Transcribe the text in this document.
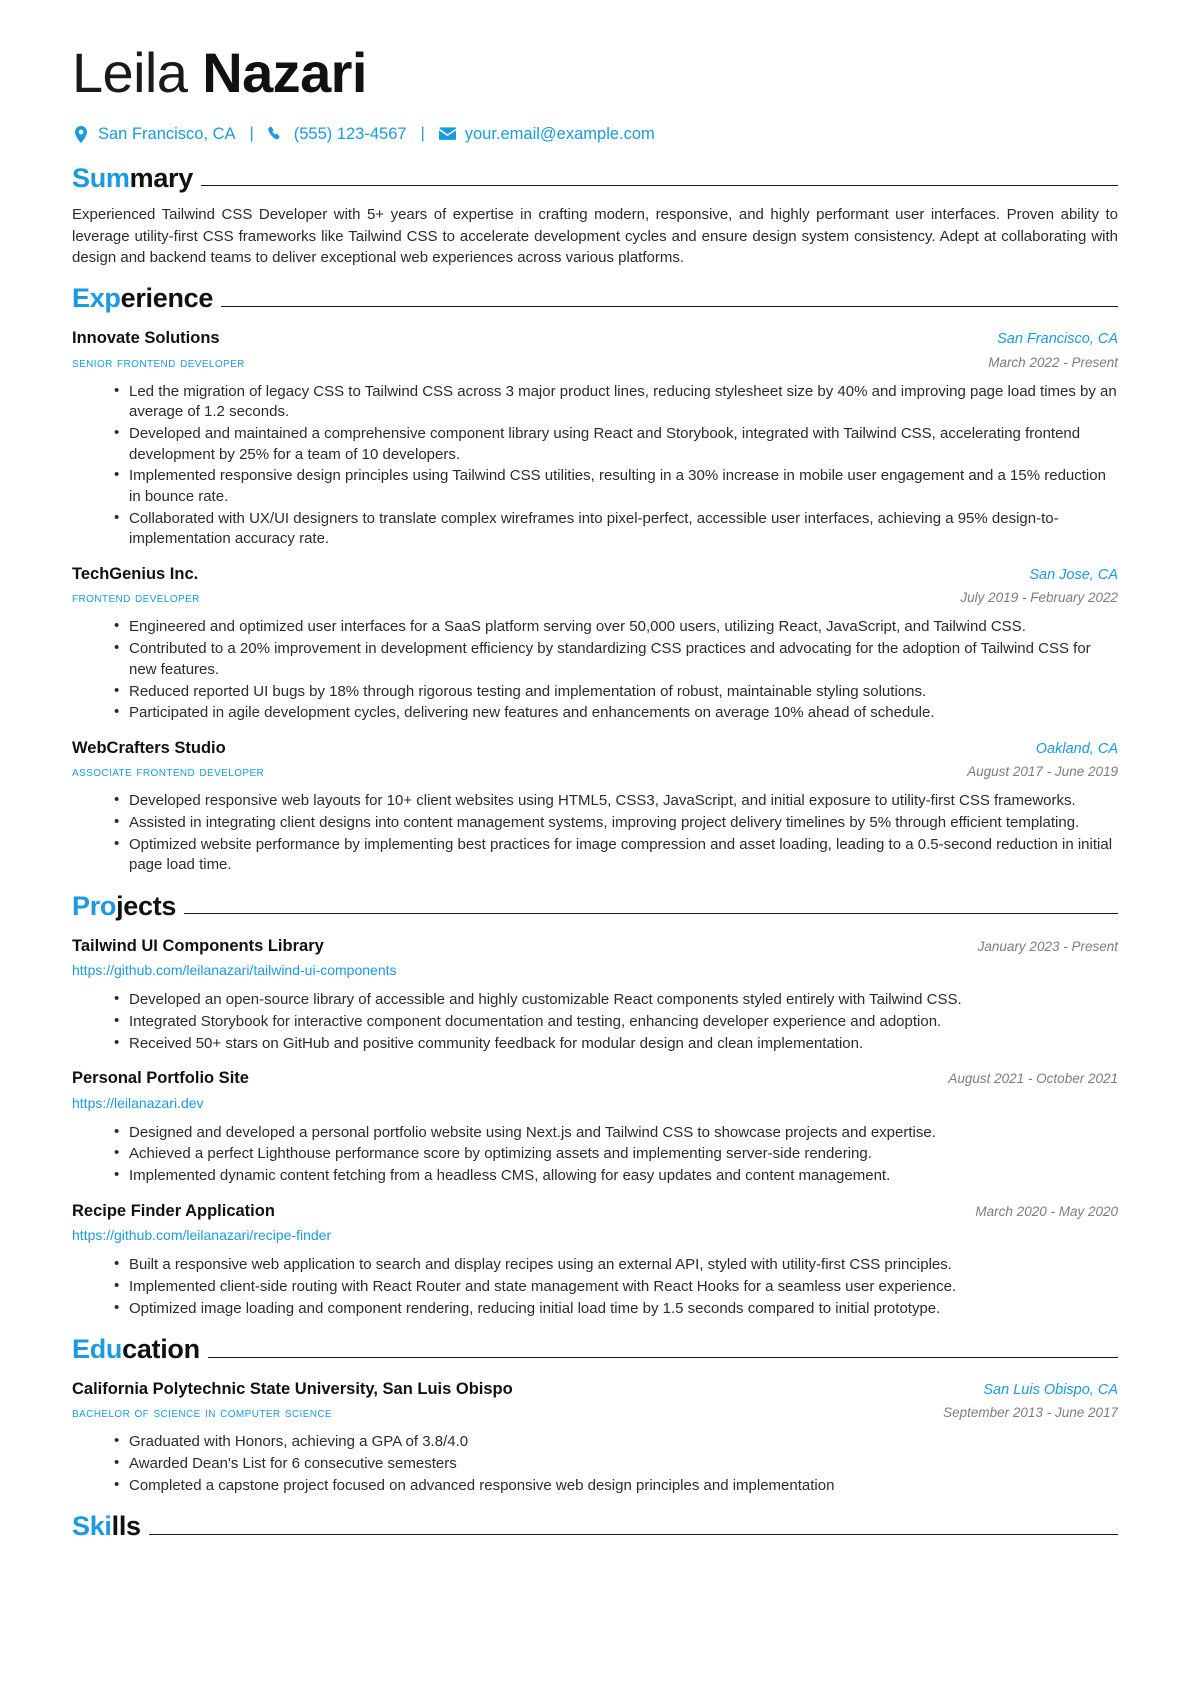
Leila Nazari
San Francisco, CA |	(555) 123-4567 |	your.email@example.com
Summary

Experienced Tailwind CSS Developer with 5+ years of expertise in crafting modern, responsive, and highly performant user interfaces. Proven ability to leverage utility-first CSS frameworks like Tailwind CSS to accelerate development cycles and ensure design system consistency. Adept at collaborating with design and backend teams to deliver exceptional web experiences across various platforms.

Experience
Innovate Solutions	San Francisco, CA
senior frontend developer	March 2022 - Present
• Led the migration of legacy CSS to Tailwind CSS across 3 major product lines, reducing stylesheet size by 40% and improving page load times by an average of 1.2 seconds.
• Developed and maintained a comprehensive component library using React and Storybook, integrated with Tailwind CSS, accelerating frontend development by 25% for a team of 10 developers.
• Implemented responsive design principles using Tailwind CSS utilities, resulting in a 30% increase in mobile user engagement and a 15% reduction in bounce rate.
• Collaborated with UX/UI designers to translate complex wireframes into pixel-perfect, accessible user interfaces, achieving a 95% design-to-implementation accuracy rate.
TechGenius Inc.	San Jose, CA
frontend developer	July 2019 - February 2022
• Engineered and optimized user interfaces for a SaaS platform serving over 50,000 users, utilizing React, JavaScript, and Tailwind CSS.
• Contributed to a 20% improvement in development efficiency by standardizing CSS practices and advocating for the adoption of Tailwind CSS for new features.
• Reduced reported UI bugs by 18% through rigorous testing and implementation of robust, maintainable styling solutions.
• Participated in agile development cycles, delivering new features and enhancements on average 10% ahead of schedule.
WebCrafters Studio	Oakland, CA
associate frontend developer	August 2017 - June 2019
• Developed responsive web layouts for 10+ client websites using HTML5, CSS3, JavaScript, and initial exposure to utility-first CSS frameworks.
• Assisted in integrating client designs into content management systems, improving project delivery timelines by 5% through efficient templating.
• Optimized website performance by implementing best practices for image compression and asset loading, leading to a 0.5-second reduction in initial page load time.
Projects
Tailwind UI Components Library	January 2023 - Present
https://github.com/leilanazari/tailwind-ui-components
• Developed an open-source library of accessible and highly customizable React components styled entirely with Tailwind CSS.
• Integrated Storybook for interactive component documentation and testing, enhancing developer experience and adoption.
• Received 50+ stars on GitHub and positive community feedback for modular design and clean implementation.
Personal Portfolio Site	August 2021 - October 2021
https://leilanazari.dev
• Designed and developed a personal portfolio website using Next.js and Tailwind CSS to showcase projects and expertise.
• Achieved a perfect Lighthouse performance score by optimizing assets and implementing server-side rendering.
• Implemented dynamic content fetching from a headless CMS, allowing for easy updates and content management.
Recipe Finder Application	March 2020 - May 2020
https://github.com/leilanazari/recipe-finder
• Built a responsive web application to search and display recipes using an external API, styled with utility-first CSS principles.
• Implemented client-side routing with React Router and state management with React Hooks for a seamless user experience.
• Optimized image loading and component rendering, reducing initial load time by 1.5 seconds compared to initial prototype.
Education
California Polytechnic State University, San Luis Obispo	San Luis Obispo, CA
bachelor of science in computer science	September 2013 - June 2017
• Graduated with Honors, achieving a GPA of 3.8/4.0
• Awarded Dean's List for 6 consecutive semesters
• Completed a capstone project focused on advanced responsive web design principles and implementation
Skills
